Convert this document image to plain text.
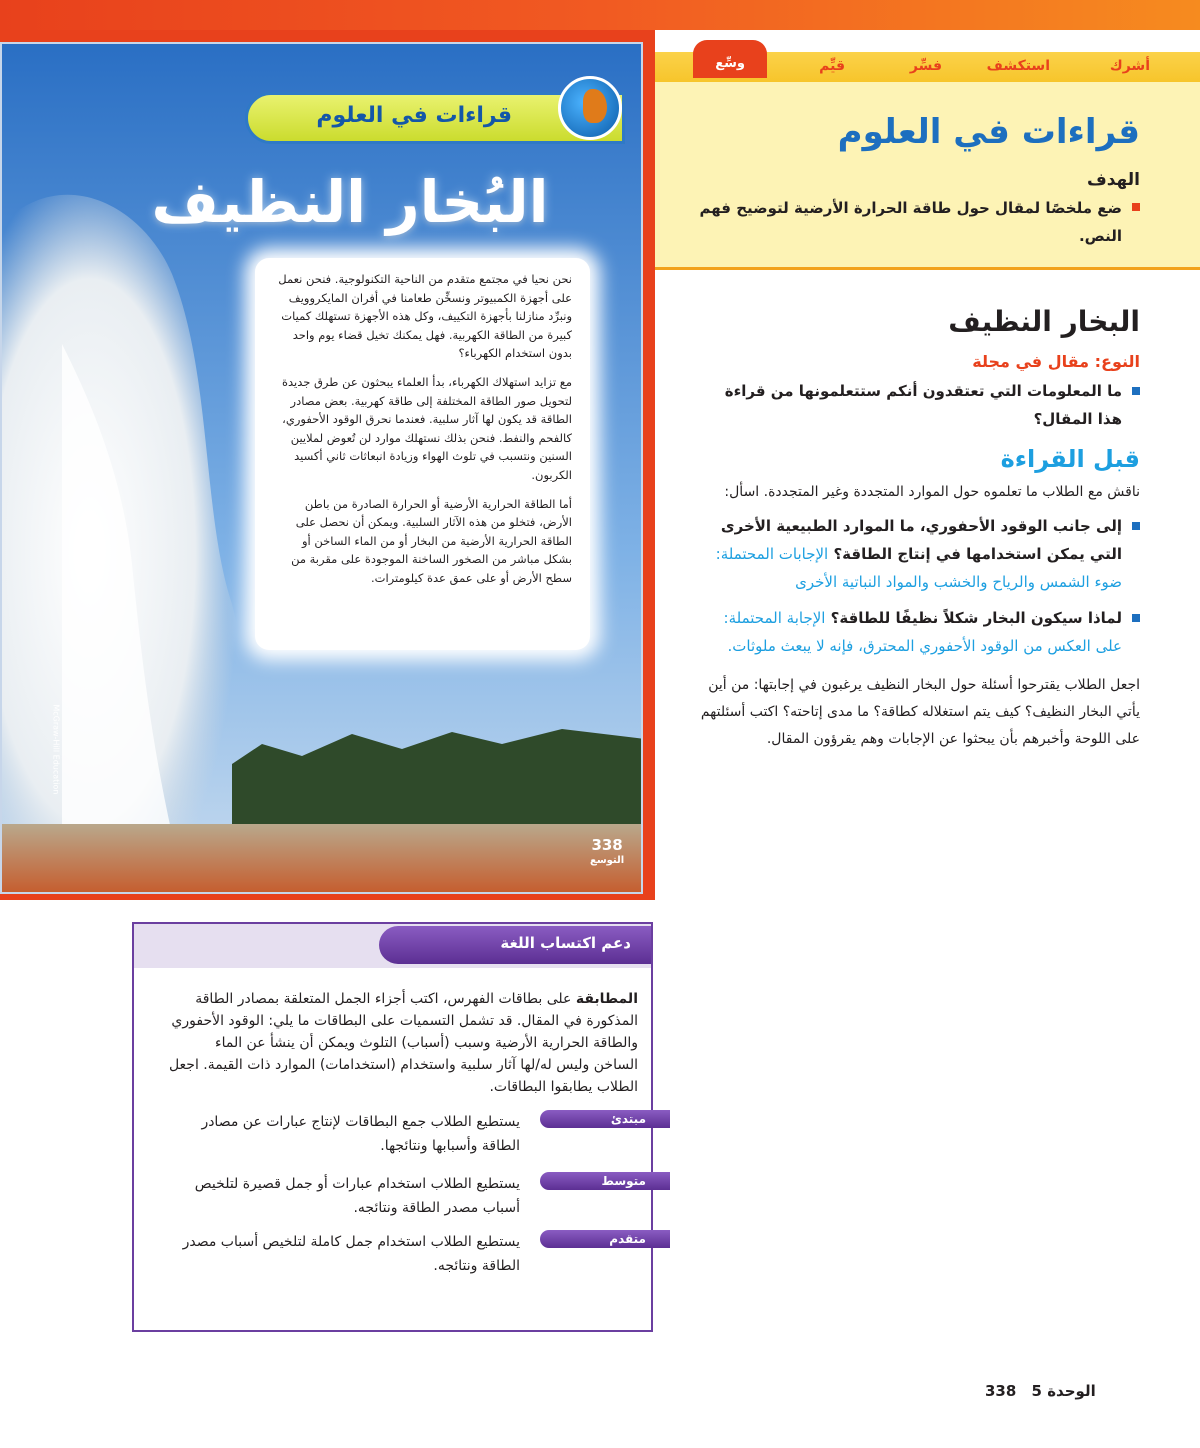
أشرك
استكشف
فسِّر
قيِّم
وسِّع
قراءات في العلوم
الهدف
ضع ملخصًا لمقال حول طاقة الحرارة الأرضية لتوضيح فهم النص.
البخار النظيف
النوع: مقال في مجلة
ما المعلومات التي تعتقدون أنكم ستتعلمونها من قراءة هذا المقال؟
قبل القراءة
ناقش مع الطلاب ما تعلموه حول الموارد المتجددة وغير المتجددة. اسأل:
إلى جانب الوقود الأحفوري، ما الموارد الطبيعية الأخرى التي يمكن استخدامها في إنتاج الطاقة؟ الإجابات المحتملة: ضوء الشمس والرياح والخشب والمواد النباتية الأخرى
لماذا سيكون البخار شكلاً نظيفًا للطاقة؟ الإجابة المحتملة: على العكس من الوقود الأحفوري المحترق، فإنه لا يبعث ملوثات.
اجعل الطلاب يقترحوا أسئلة حول البخار النظيف يرغبون في إجابتها: من أين يأتي البخار النظيف؟ كيف يتم استغلاله كطاقة؟ ما مدى إتاحته؟ اكتب أسئلتهم على اللوحة وأخبرهم بأن يبحثوا عن الإجابات وهم يقرؤون المقال.
قراءات في العلوم
البُخار النظيف

نحن نحيا في مجتمع متقدم من الناحية التكنولوجية. فنحن نعمل على أجهزة الكمبيوتر ونسخِّن طعامنا في أفران المايكروويف ونبرِّد منازلنا بأجهزة التكييف، وكل هذه الأجهزة تستهلك كميات كبيرة من الطاقة الكهربية. فهل يمكنك تخيل قضاء يوم واحد بدون استخدام الكهرباء؟

مع تزايد استهلاك الكهرباء، بدأ العلماء يبحثون عن طرق جديدة لتحويل صور الطاقة المختلفة إلى طاقة كهربية. بعض مصادر الطاقة قد يكون لها آثار سلبية. فعندما نحرق الوقود الأحفوري، كالفحم والنفط. فنحن بذلك نستهلك موارد لن تُعوض لملايين السنين ونتسبب في تلوث الهواء وزيادة انبعاثات ثاني أكسيد الكربون.

أما الطاقة الحرارية الأرضية أو الحرارة الصادرة من باطن الأرض، فتخلو من هذه الآثار السلبية. ويمكن أن نحصل على الطاقة الحرارية الأرضية من البخار أو من الماء الساخن أو بشكل مباشر من الصخور الساخنة الموجودة على مقربة من سطح الأرض أو على عمق عدة كيلومترات.

338
التوسع
McGraw-Hill Education
دعم اكتساب اللغة
المطابقة على بطاقات الفهرس، اكتب أجزاء الجمل المتعلقة بمصادر الطاقة المذكورة في المقال. قد تشمل التسميات على البطاقات ما يلي: الوقود الأحفوري والطاقة الحرارية الأرضية وسبب (أسباب) التلوث ويمكن أن ينشأ عن الماء الساخن وليس له/لها آثار سلبية واستخدام (استخدامات) الموارد ذات القيمة. اجعل الطلاب يطابقوا البطاقات.
مبتدئ
يستطيع الطلاب جمع البطاقات لإنتاج عبارات عن مصادر الطاقة وأسبابها ونتائجها.
متوسط
يستطيع الطلاب استخدام عبارات أو جمل قصيرة لتلخيص أسباب مصدر الطاقة ونتائجه.
متقدم
يستطيع الطلاب استخدام جمل كاملة لتلخيص أسباب مصدر الطاقة ونتائجه.
الوحدة 5 338
